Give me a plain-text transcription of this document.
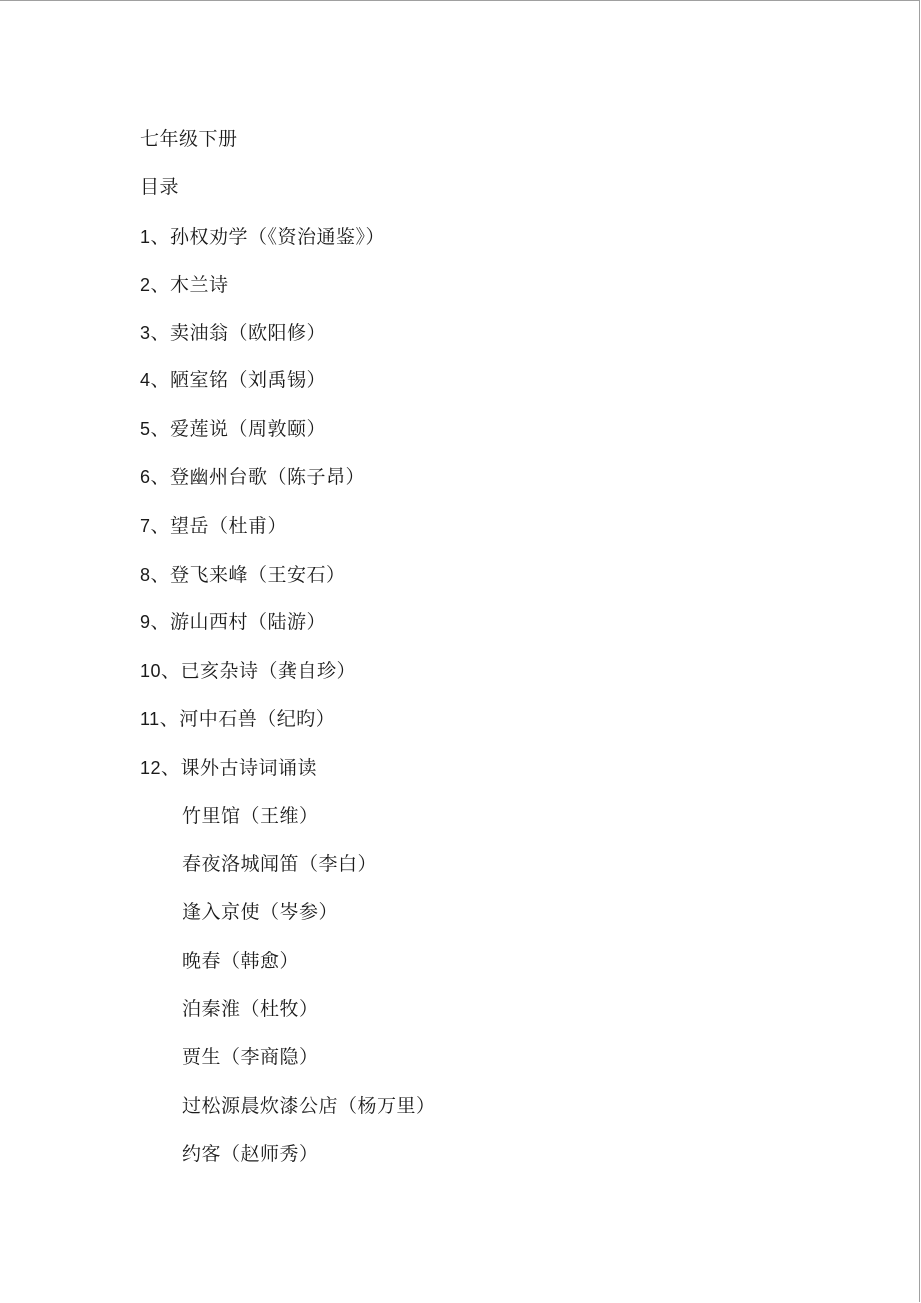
七年级下册
目录
1、孙权劝学（《资治通鉴》）
2、木兰诗
3、卖油翁（欧阳修）
4、陋室铭（刘禹锡）
5、爱莲说（周敦颐）
6、登幽州台歌（陈子昂）
7、望岳（杜甫）
8、登飞来峰（王安石）
9、游山西村（陆游）
10、已亥杂诗（龚自珍）
11、河中石兽（纪昀）
12、课外古诗词诵读
竹里馆（王维）
春夜洛城闻笛（李白）
逢入京使（岑参）
晚春（韩愈）
泊秦淮（杜牧）
贾生（李商隐）
过松源晨炊漆公店（杨万里）
约客（赵师秀）
